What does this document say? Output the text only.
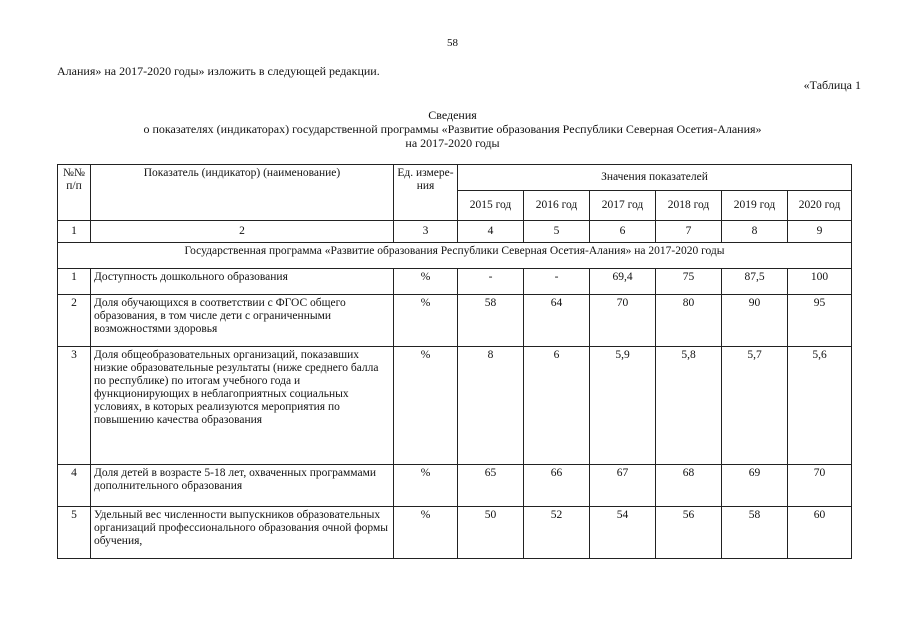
58
Алания» на 2017-2020 годы» изложить в следующей редакции.
«Таблица 1
Сведения
о показателях (индикаторах) государственной программы «Развитие образования Республики Северная Осетия-Алания»
на 2017-2020 годы
№№ п/п	Показатель (индикатор) (наименование)	Ед. измере-ния	Значения показателей					
			2015 год	2016 год	2017 год	2018 год	2019 год	2020 год
1	2	3	4	5	6	7	8	9
Государственная программа «Развитие образования Республики Северная Осетия-Алания» на 2017-2020 годы								
1	Доступность дошкольного образования	%	-	-	69,4	75	87,5	100
2	Доля обучающихся в соответствии с ФГОС общего образования, в том числе дети с ограниченными возможностями здоровья	%	58	64	70	80	90	95
3	Доля общеобразовательных организаций, показавших низкие образовательные результаты (ниже среднего балла по республике) по итогам учебного года и функционирующих в неблагоприятных социальных условиях, в которых реализуются мероприятия по повышению качества образования	%	8	6	5,9	5,8	5,7	5,6
4	Доля детей в возрасте 5-18 лет, охваченных программами дополнительного образования	%	65	66	67	68	69	70
5	Удельный вес численности выпускников образовательных организаций профессионального образования очной формы обучения,	%	50	52	54	56	58	60
